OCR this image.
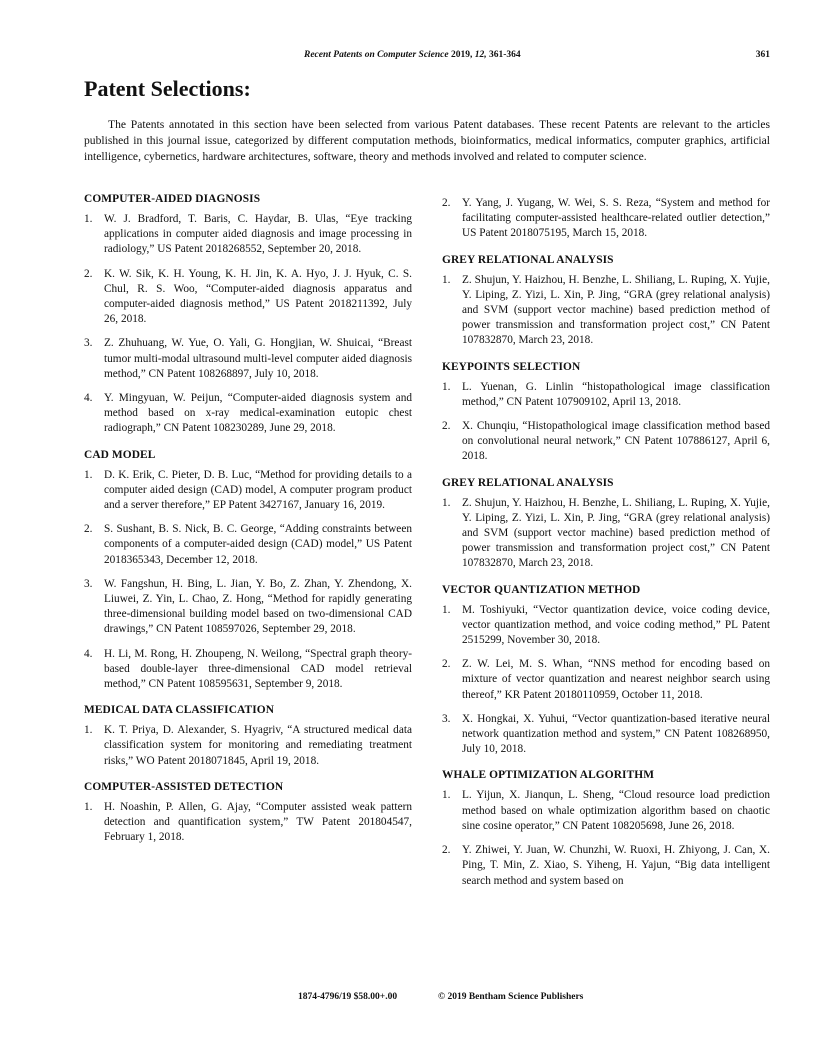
Recent Patents on Computer Science 2019, 12, 361-364	361
Patent Selections:

The Patents annotated in this section have been selected from various Patent databases. These recent Patents are relevant to the articles published in this journal issue, categorized by different computation methods, bioinformatics, medical informatics, computer graphics, artificial intelligence, cybernetics, hardware architectures, software, theory and methods involved and related to computer science.

COMPUTER-AIDED DIAGNOSIS
1. W. J. Bradford, T. Baris, C. Haydar, B. Ulas, “Eye tracking applications in computer aided diagnosis and image processing in radiology,” US Patent 2018268552, September 20, 2018.
2. K. W. Sik, K. H. Young, K. H. Jin, K. A. Hyo, J. J. Hyuk, C. S. Chul, R. S. Woo, “Computer-aided diagnosis apparatus and computer-aided diagnosis method,” US Patent 2018211392, July 26, 2018.
3. Z. Zhuhuang, W. Yue, O. Yali, G. Hongjian, W. Shuicai, “Breast tumor multi-modal ultrasound multi-level computer aided diagnosis method,” CN Patent 108268897, July 10, 2018.
4. Y. Mingyuan, W. Peijun, “Computer-aided diagnosis system and method based on x-ray medical-examination eutopic chest radiograph,” CN Patent 108230289, June 29, 2018.
CAD MODEL
1. D. K. Erik, C. Pieter, D. B. Luc, “Method for providing details to a computer aided design (CAD) model, A computer program product and a server therefore,” EP Patent 3427167, January 16, 2019.
2. S. Sushant, B. S. Nick, B. C. George, “Adding constraints between components of a computer-aided design (CAD) model,” US Patent 2018365343, December 12, 2018.
3. W. Fangshun, H. Bing, L. Jian, Y. Bo, Z. Zhan, Y. Zhendong, X. Liuwei, Z. Yin, L. Chao, Z. Hong, “Method for rapidly generating three-dimensional building model based on two-dimensional CAD drawings,” CN Patent 108597026, September 29, 2018.
4. H. Li, M. Rong, H. Zhoupeng, N. Weilong, “Spectral graph theory-based double-layer three-dimensional CAD model retrieval method,” CN Patent 108595631, September 9, 2018.
MEDICAL DATA CLASSIFICATION
1. K. T. Priya, D. Alexander, S. Hyagriv, “A structured medical data classification system for monitoring and remediating treatment risks,” WO Patent 2018071845, April 19, 2018.
COMPUTER-ASSISTED DETECTION
1. H. Noashin, P. Allen, G. Ajay, “Computer assisted weak pattern detection and quantification system,” TW Patent 201804547, February 1, 2018.
2. Y. Yang, J. Yugang, W. Wei, S. S. Reza, “System and method for facilitating computer-assisted healthcare-related outlier detection,” US Patent 2018075195, March 15, 2018.
GREY RELATIONAL ANALYSIS
1. Z. Shujun, Y. Haizhou, H. Benzhe, L. Shiliang, L. Ruping, X. Yujie, Y. Liping, Z. Yizi, L. Xin, P. Jing, “GRA (grey relational analysis) and SVM (support vector machine) based prediction method of power transmission and transformation project cost,” CN Patent 107832870, March 23, 2018.
KEYPOINTS SELECTION
1. L. Yuenan, G. Linlin “histopathological image classification method,” CN Patent 107909102, April 13, 2018.
2. X. Chunqiu, “Histopathological image classification method based on convolutional neural network,” CN Patent 107886127, April 6, 2018.
GREY RELATIONAL ANALYSIS
1. Z. Shujun, Y. Haizhou, H. Benzhe, L. Shiliang, L. Ruping, X. Yujie, Y. Liping, Z. Yizi, L. Xin, P. Jing, “GRA (grey relational analysis) and SVM (support vector machine) based prediction method of power transmission and transformation project cost,” CN Patent 107832870, March 23, 2018.
VECTOR QUANTIZATION METHOD
1. M. Toshiyuki, “Vector quantization device, voice coding device, vector quantization method, and voice coding method,” PL Patent 2515299, November 30, 2018.
2. Z. W. Lei, M. S. Whan, “NNS method for encoding based on mixture of vector quantization and nearest neighbor search using thereof,” KR Patent 20180110959, October 11, 2018.
3. X. Hongkai, X. Yuhui, “Vector quantization-based iterative neural network quantization method and system,” CN Patent 108268950, July 10, 2018.
WHALE OPTIMIZATION ALGORITHM
1. L. Yijun, X. Jianqun, L. Sheng, “Cloud resource load prediction method based on whale optimization algorithm based on chaotic sine cosine operator,” CN Patent 108205698, June 26, 2018.
2. Y. Zhiwei, Y. Juan, W. Chunzhi, W. Ruoxi, H. Zhiyong, J. Can, X. Ping, T. Min, Z. Xiao, S. Yiheng, H. Yajun, “Big data intelligent search method and system based on
1874-4796/19 $58.00+.00	© 2019 Bentham Science Publishers
